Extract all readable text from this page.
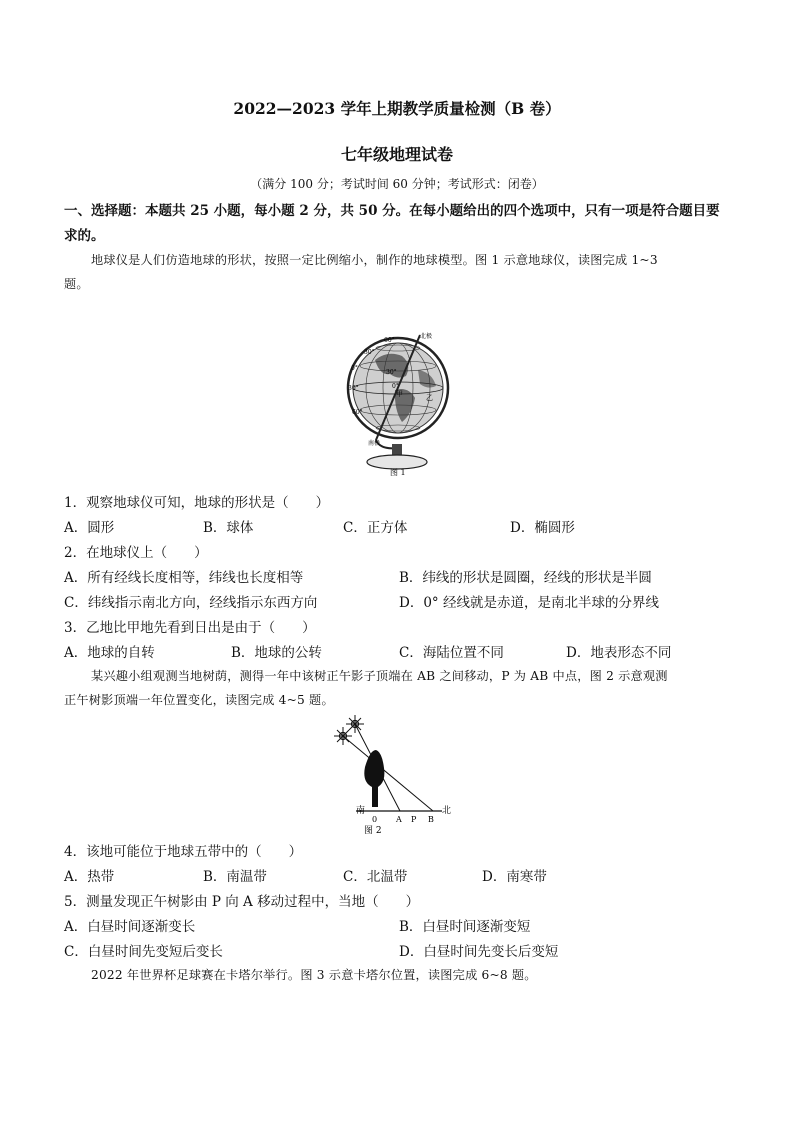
2022—2023 学年上期教学质量检测（B 卷）
七年级地理试卷
（满分 100 分；考试时间 60 分钟；考试形式：闭卷）
一、选择题：本题共 25 小题，每小题 2 分，共 50 分。在每小题给出的四个选项中，只有一项是符合题目要
求的。
地球仪是人们仿造地球的形状，按照一定比例缩小，制作的地球模型。图 1 示意地球仪，读图完成 1~3
题。
北极
南极
60°
30°
0°
30°
60°
30°
0°
甲	乙
图 1
1．观察地球仪可知，地球的形状是（　　）
A．圆形	B．球体	C．正方体	D．椭圆形
2．在地球仪上（　　）
A．所有经线长度相等，纬线也长度相等	B．纬线的形状是圆圈，经线的形状是半圆
C．纬线指示南北方向，经线指示东西方向	D．0° 经线就是赤道，是南北半球的分界线
3．乙地比甲地先看到日出是由于（　　）
A．地球的自转	B．地球的公转	C．海陆位置不同	D．地表形态不同
某兴趣小组观测当地树荫，测得一年中该树正午影子顶端在 AB 之间移动，P 为 AB 中点，图 2 示意观测
正午树影顶端一年位置变化，读图完成 4~5 题。
南	北
0 A P B
图 2
4．该地可能位于地球五带中的（　　）
A．热带	B．南温带	C．北温带	D．南寒带
5．测量发现正午树影由 P 向 A 移动过程中，当地（　　）
A．白昼时间逐渐变长	B．白昼时间逐渐变短
C．白昼时间先变短后变长	D．白昼时间先变长后变短
2022 年世界杯足球赛在卡塔尔举行。图 3 示意卡塔尔位置，读图完成 6~8 题。
